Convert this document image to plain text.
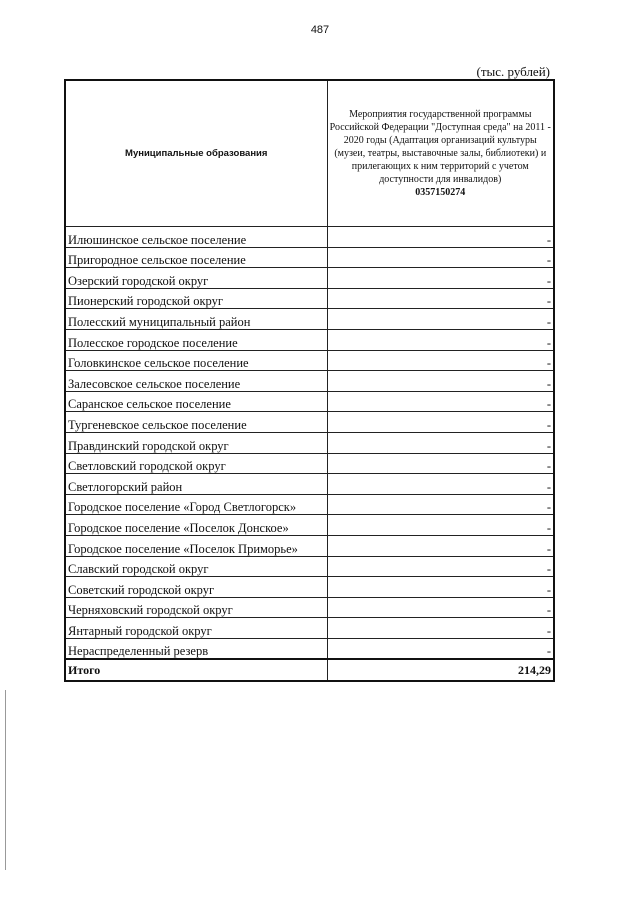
487
(тыс. рублей)
Муниципальные образования	Мероприятия государственной программы Российской Федерации "Доступная среда" на 2011 - 2020 годы (Адаптация организаций культуры (музеи, театры, выставочные залы, библиотеки) и прилегающих к ним территорий с учетом доступности для инвалидов)
0357150274

Илюшинское сельское поселение	-
Пригородное сельское поселение	-
Озерский городской округ	-
Пионерский городской округ	-
Полесский муниципальный район	-
Полесское городское поселение	-
Головкинское сельское поселение	-
Залесовское сельское поселение	-
Саранское сельское поселение	-
Тургеневское сельское поселение	-
Правдинский городской округ	-
Светловский городской округ	-
Светлогорский район	-
Городское поселение «Город Светлогорск»	-
Городское поселение «Поселок Донское»	-
Городское поселение «Поселок Приморье»	-
Славский городской округ	-
Советский городской округ	-
Черняховский городской округ	-
Янтарный городской округ	-
Нераспределенный резерв	-
Итого	214,29
